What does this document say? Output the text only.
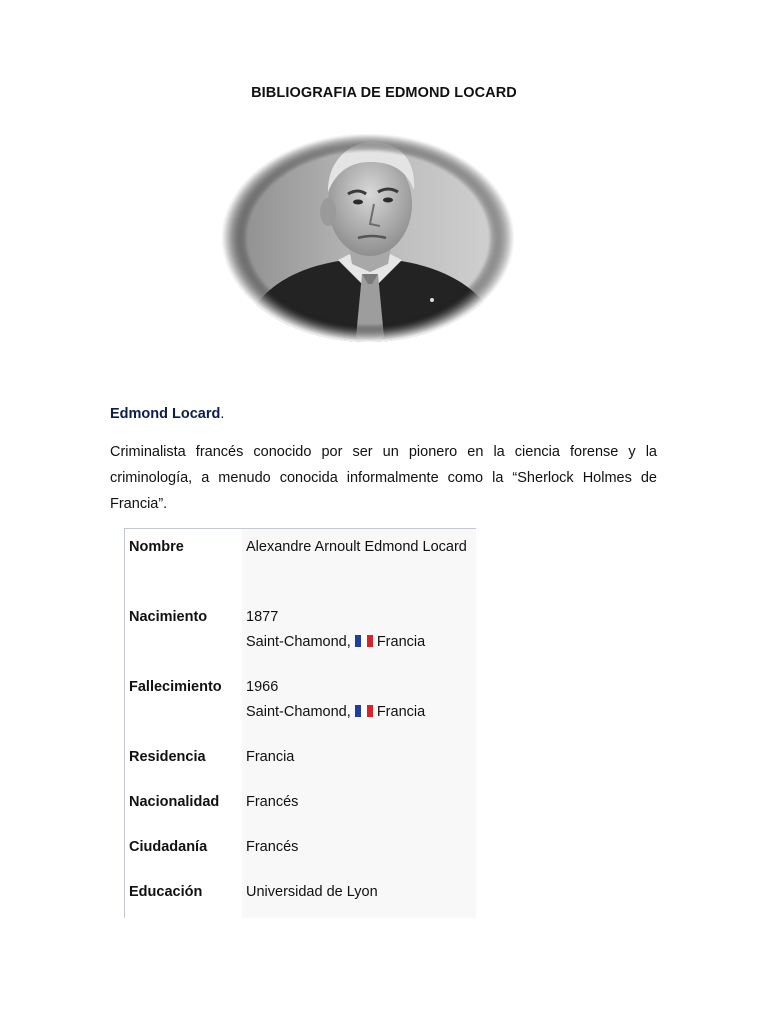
BIBLIOGRAFIA DE EDMOND LOCARD
Edmond Locard.
Criminalista francés conocido por ser un pionero en la ciencia forense y la criminología, a menudo conocida informalmente como la “Sherlock Holmes de Francia”.
Nombre	Alexandre Arnoult Edmond Locard
Nacimiento	1877
Saint-Chamond, Francia
Fallecimiento	1966
Saint-Chamond, Francia
Residencia	Francia
Nacionalidad	Francés
Ciudadanía	Francés
Educación	Universidad de Lyon
